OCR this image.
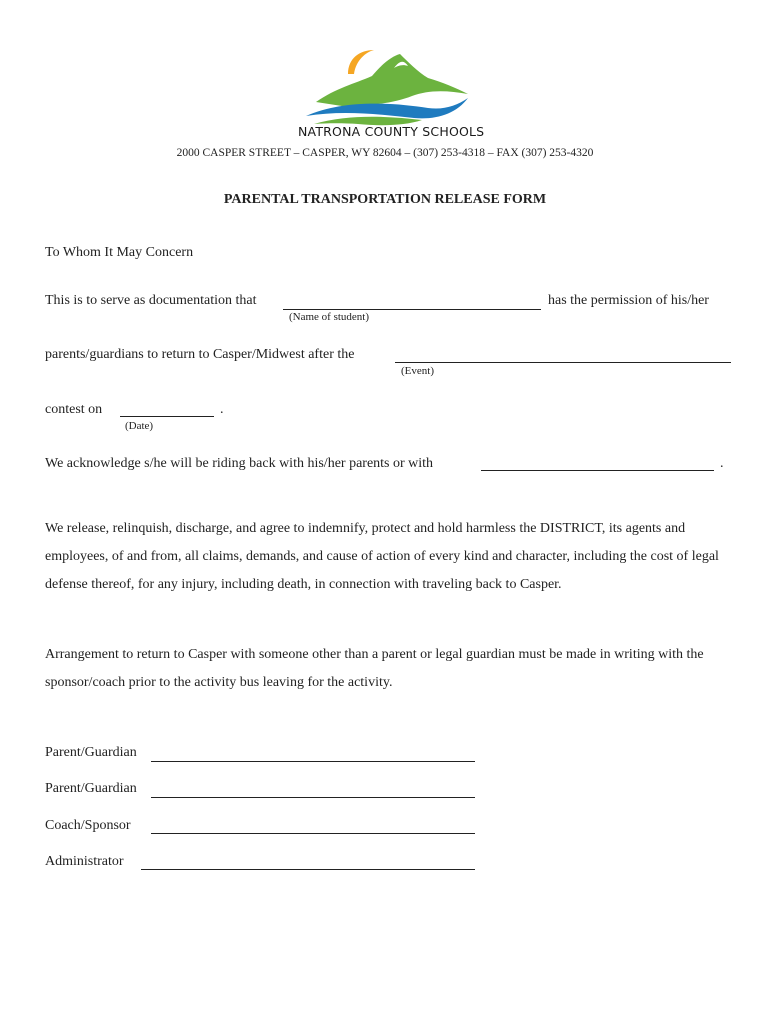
NATRONA COUNTY SCHOOLS
2000 CASPER STREET – CASPER, WY 82604 – (307) 253-4318 – FAX (307) 253-4320
PARENTAL TRANSPORTATION RELEASE FORM
To Whom It May Concern
This is to serve as documentation that	has the permission of his/her
(Name of student)
parents/guardians to return to Casper/Midwest after the
(Event)
contest on	.
(Date)
We acknowledge s/he will be riding back with his/her parents or with	.
We release, relinquish, discharge, and agree to indemnify, protect and hold harmless the DISTRICT, its agents and employees, of and from, all claims, demands, and cause of action of every kind and character, including the cost of legal defense thereof, for any injury, including death, in connection with traveling back to Casper.
Arrangement to return to Casper with someone other than a parent or legal guardian must be made in writing with the sponsor/coach prior to the activity bus leaving for the activity.
Parent/Guardian
Parent/Guardian
Coach/Sponsor
Administrator
